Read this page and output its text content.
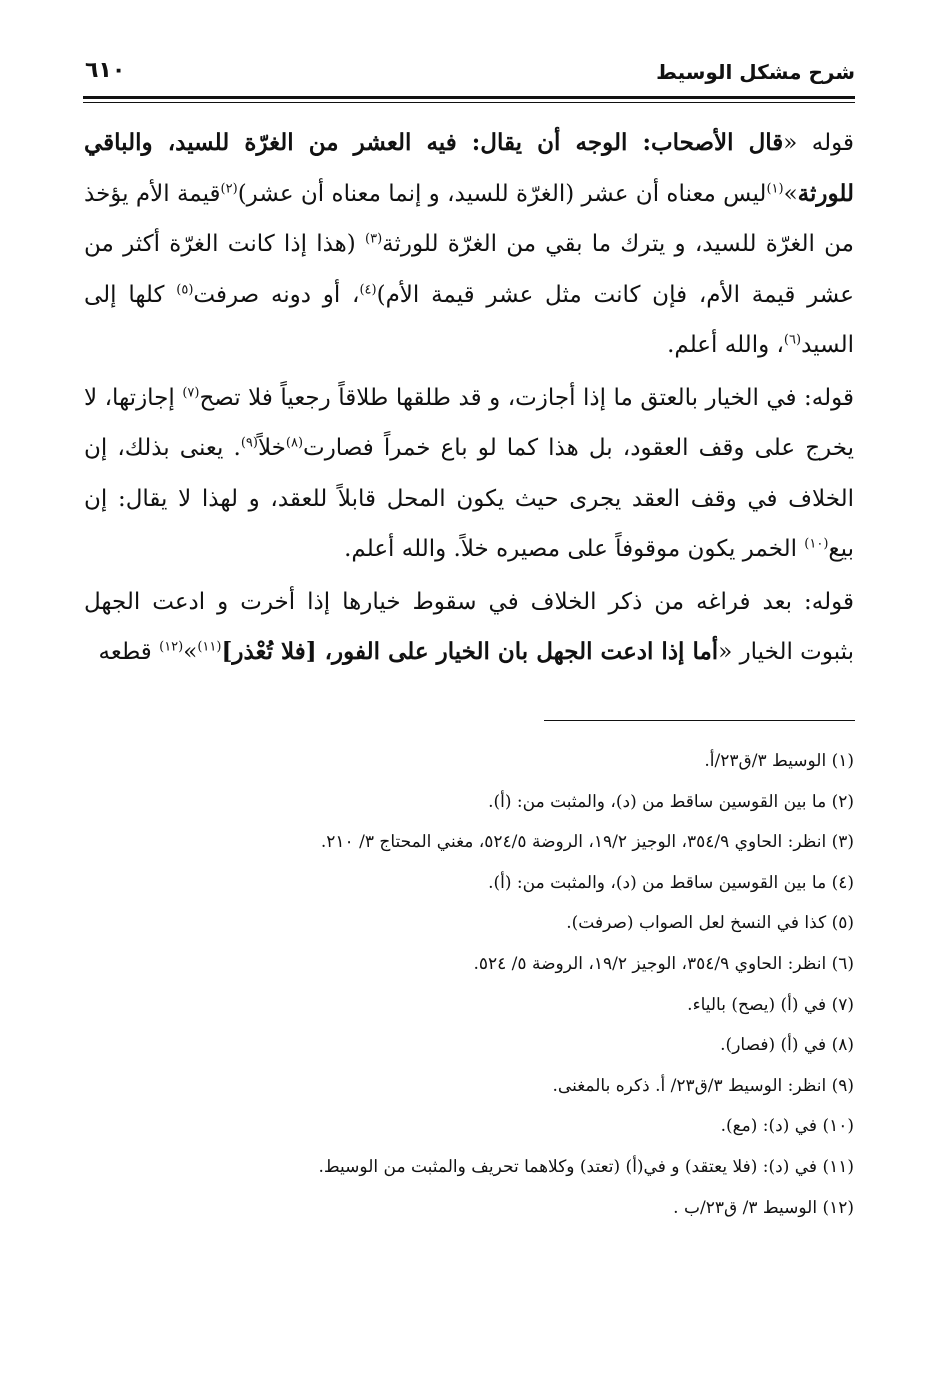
شرح مشكل الوسيط
٦١٠

قوله «قال الأصحاب: الوجه أن يقال: فيه العشر من الغرّة للسيد، والباقي للورثة»$^{(١)}$ليس معناه أن عشر (الغرّة للسيد، و إنما معناه أن عشر)$^{(٢)}$قيمة الأم يؤخذ من الغرّة للسيد، و يترك ما بقي من الغرّة للورثة$^{(٣)}$ (هذا إذا كانت الغرّة أكثر من عشر قيمة الأم، فإن كانت مثل عشر قيمة الأم)$^{(٤)}$، أو دونه صرفت$^{(٥)}$ كلها إلى السيد$^{(٦)}$، والله أعلم.

قوله: في الخيار بالعتق ما إذا أجازت، و قد طلقها طلاقاً رجعياً فلا تصح$^{(٧)}$ إجازتها، لا يخرج على وقف العقود، بل هذا كما لو باع خمراً فصارت$^{(٨)}$خلاً$^{(٩)}$. يعنى بذلك، إن الخلاف في وقف العقد يجرى حيث يكون المحل قابلاً للعقد، و لهذا لا يقال: إن بيع$^{(١٠)}$ الخمر يكون موقوفاً على مصيره خلاً. والله أعلم.

قوله: بعد فراغه من ذكر الخلاف في سقوط خيارها إذا أخرت و ادعت الجهل بثبوت الخيار «أما إذا ادعت الجهل بان الخيار على الفور، [فلا تُعْذر]$^{(١١)}$»$^{(١٢)}$ قطعه

(١) الوسيط ٣/ق٢٣/أ.
(٢) ما بين القوسين ساقط من (د)، والمثبت من: (أ).
(٣) انظر: الحاوي ٣٥٤/٩، الوجيز ١٩/٢، الروضة ٥٢٤/٥، مغني المحتاج ٣/ ٢١٠.
(٤) ما بين القوسين ساقط من (د)، والمثبت من: (أ).
(٥) كذا في النسخ لعل الصواب (صرفت).
(٦) انظر: الحاوي ٣٥٤/٩، الوجيز ١٩/٢، الروضة ٥/ ٥٢٤.
(٧) في (أ) (يصح) بالياء.
(٨) في (أ) (فصار).
(٩) انظر: الوسيط ٣/ق٢٣/ أ. ذكره بالمغنى.
(١٠) في (د): (مع).
(١١) في (د): (فلا يعتقد) و في(أ) (تعتد) وكلاهما تحريف والمثبت من الوسيط.
(١٢) الوسيط ٣/ ق٢٣/ب .
